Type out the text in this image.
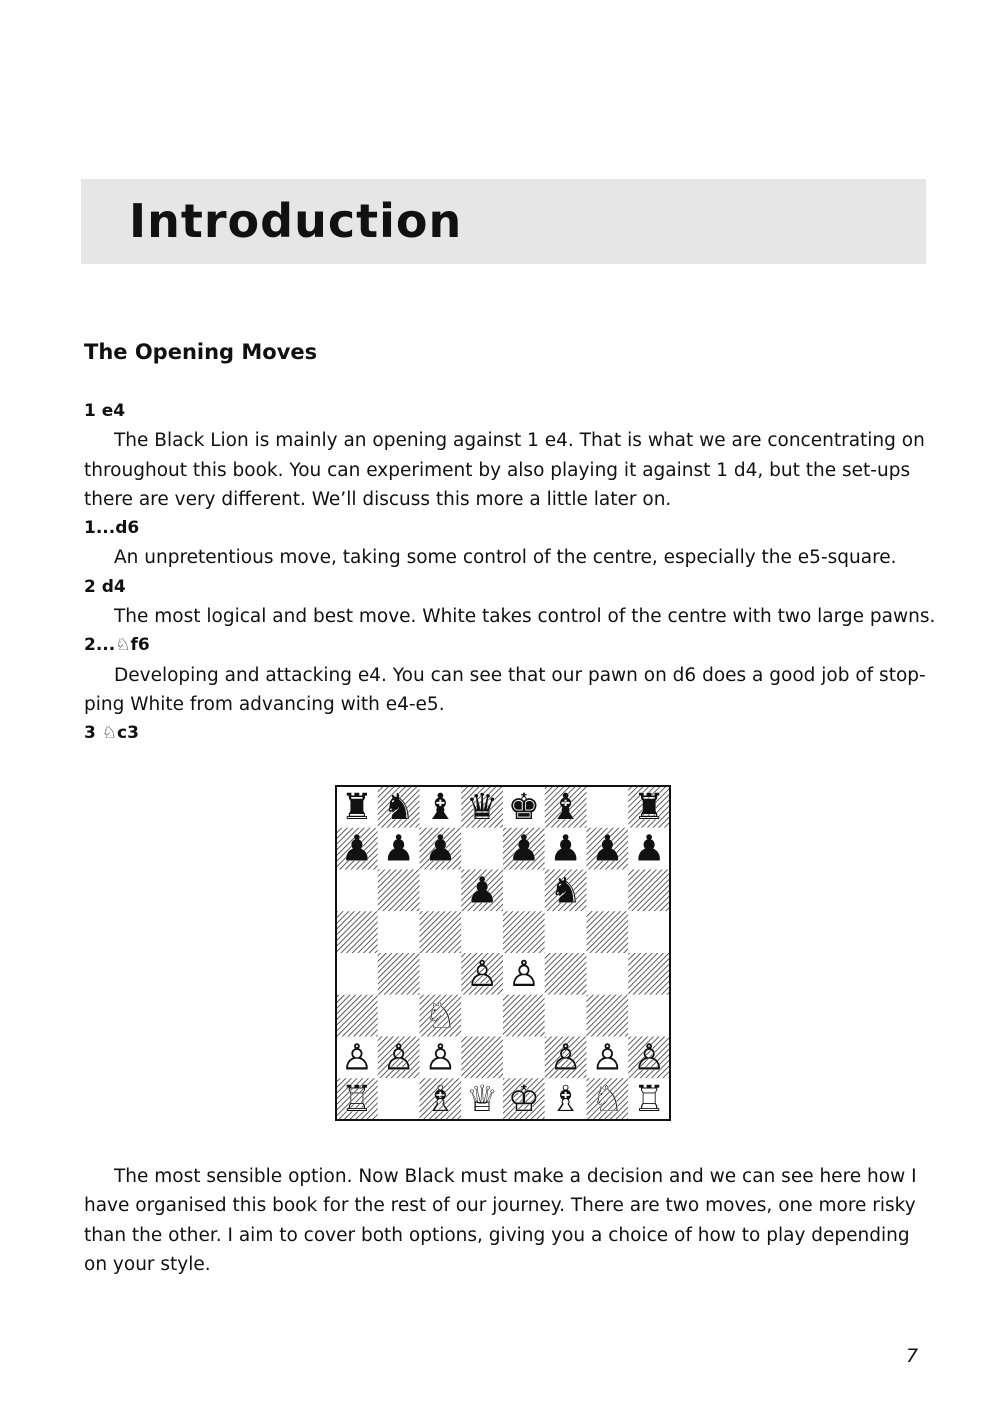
Introduction
The Opening Moves
1 e4
The Black Lion is mainly an opening against 1 e4. That is what we are concentrating on
throughout this book. You can experiment by also playing it against 1 d4, but the set-ups
there are very different. We’ll discuss this more a little later on.
1...d6
An unpretentious move, taking some control of the centre, especially the e5-square.
2 d4
The most logical and best move. White takes control of the centre with two large pawns.
2...♘f6
Developing and attacking e4. You can see that our pawn on d6 does a good job of stop-
ping White from advancing with e4-e5.
3 ♘c3
♜ ♞ ♝ ♛ ♚ ♝ ♜
♟ ♟ ♟ ♟ ♟ ♟ ♟
♟ ♞
♙ ♙
♘
♙ ♙ ♙	♙ ♙ ♙
♖ ♗ ♕ ♔ ♗ ♘ ♖
The most sensible option. Now Black must make a decision and we can see here how I
have organised this book for the rest of our journey. There are two moves, one more risky
than the other. I aim to cover both options, giving you a choice of how to play depending
on your style.
7
